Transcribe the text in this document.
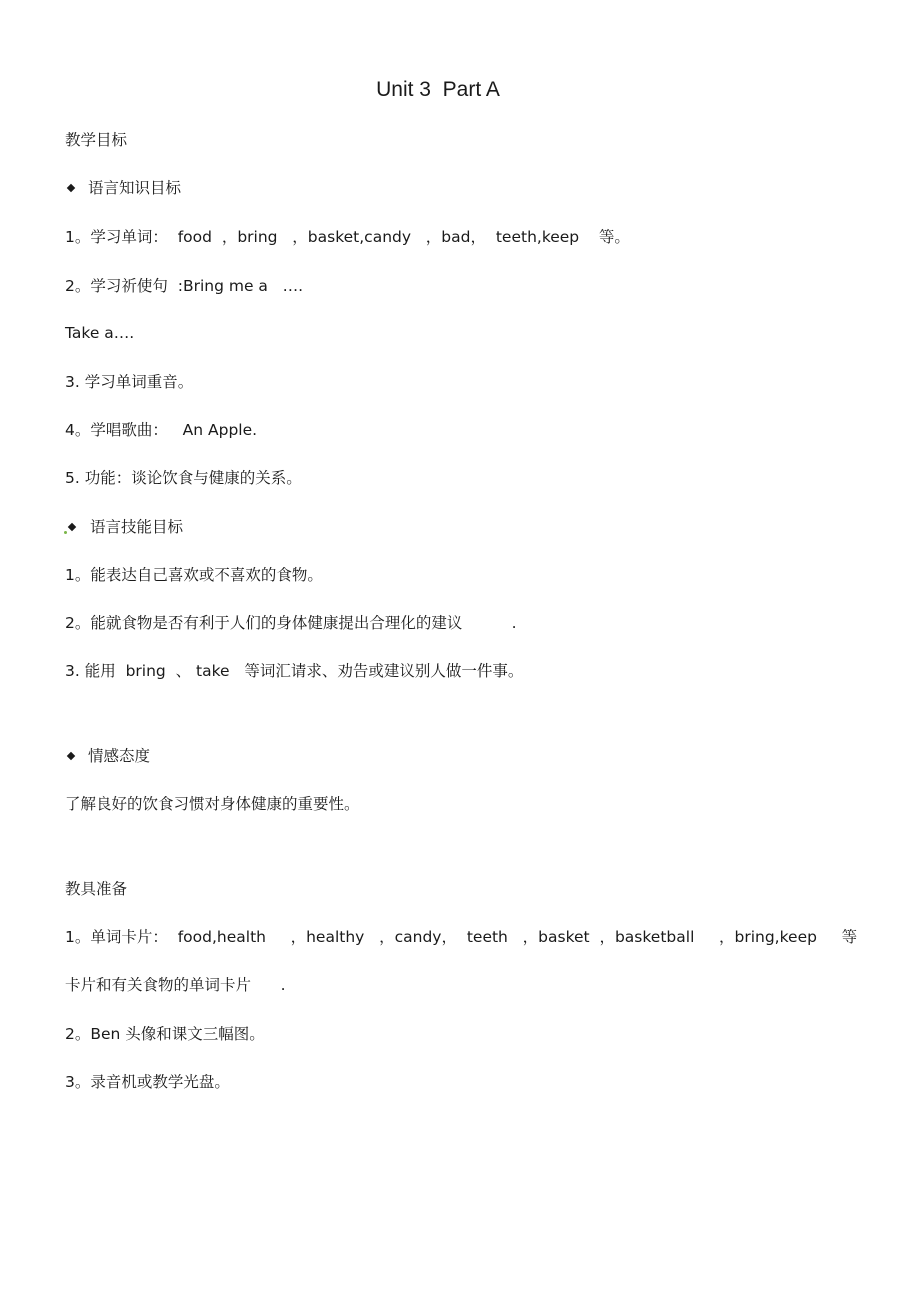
Unit 3  Part A
教学目标
语言知识目标
1。学习单词：  food  ，bring   ，basket,candy   ，bad，  teeth,keep    等。
2。学习祈使句  :Bring me a   ….
Take a….
3. 学习单词重音。
4。学唱歌曲：   An Apple.
5. 功能：谈论饮食与健康的关系。
语言技能目标
1。能表达自己喜欢或不喜欢的食物。
2。能就食物是否有利于人们的身体健康提出合理化的建议          .
3. 能用  bring  、 take   等词汇请求、劝告或建议别人做一件事。
情感态度
了解良好的饮食习惯对身体健康的重要性。
教具准备
1。单词卡片：  food,health     ，healthy   ，candy，  teeth   ，basket  ，basketball     ，bring,keep     等
卡片和有关食物的单词卡片      .
2。Ben 头像和课文三幅图。
3。录音机或教学光盘。
